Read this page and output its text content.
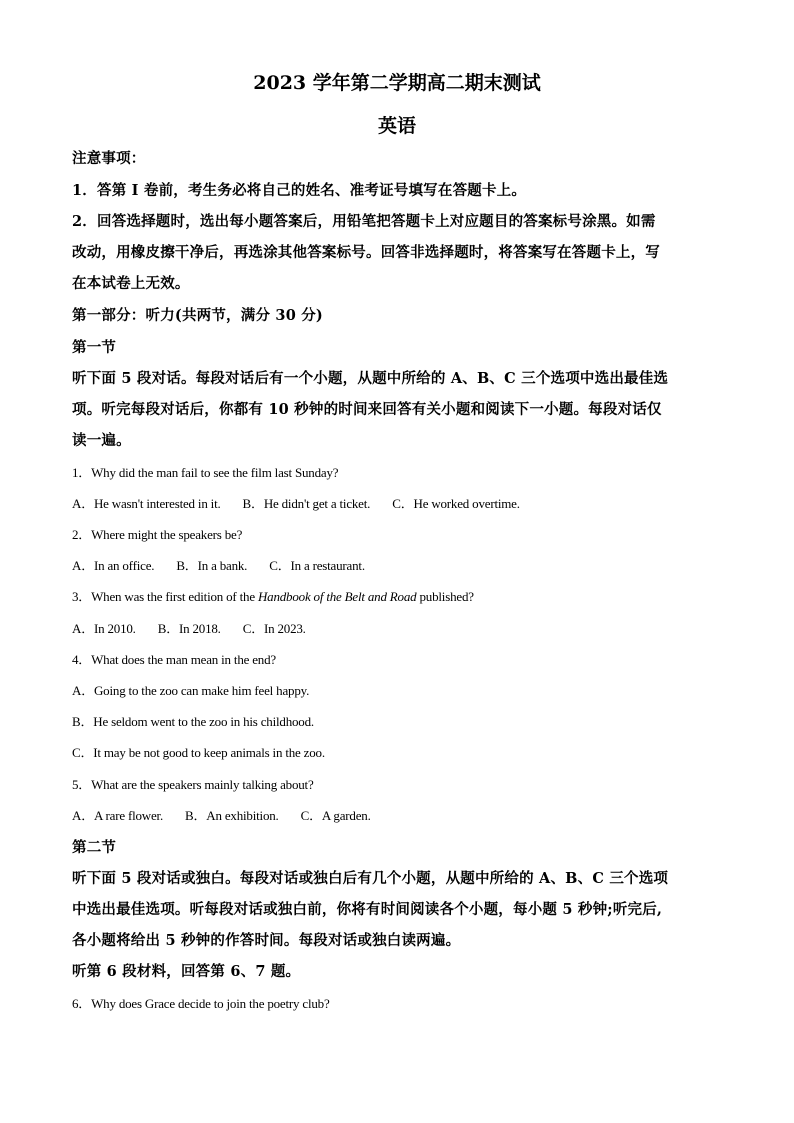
2023 学年第二学期高二期末测试
英语
注意事项：
1．答第 I 卷前，考生务必将自己的姓名、准考证号填写在答题卡上。
2．回答选择题时，选出每小题答案后，用铅笔把答题卡上对应题目的答案标号涂黑。如需
改动，用橡皮擦干净后，再选涂其他答案标号。回答非选择题时，将答案写在答题卡上，写
在本试卷上无效。
第一部分：听力(共两节，满分 30 分)
第一节
听下面 5 段对话。每段对话后有一个小题，从题中所给的 A、B、C 三个选项中选出最佳选
项。听完每段对话后，你都有 10 秒钟的时间来回答有关小题和阅读下一小题。每段对话仅
读一遍。
1．Why did the man fail to see the film last Sunday?
A．He wasn't interested in it. B．He didn't get a ticket. C．He worked overtime.
2．Where might the speakers be?
A．In an office. B．In a bank. C．In a restaurant.
3．When was the first edition of the Handbook of the Belt and Road published?
A．In 2010. B．In 2018. C．In 2023.
4．What does the man mean in the end?
A．Going to the zoo can make him feel happy.
B．He seldom went to the zoo in his childhood.
C．It may be not good to keep animals in the zoo.
5．What are the speakers mainly talking about?
A．A rare flower. B．An exhibition. C．A garden.
第二节
听下面 5 段对话或独白。每段对话或独白后有几个小题，从题中所给的 A、B、C 三个选项
中选出最佳选项。听每段对话或独白前，你将有时间阅读各个小题，每小题 5 秒钟;听完后,
各小题将给出 5 秒钟的作答时间。每段对话或独白读两遍。
听第 6 段材料，回答第 6、7 题。
6．Why does Grace decide to join the poetry club?
